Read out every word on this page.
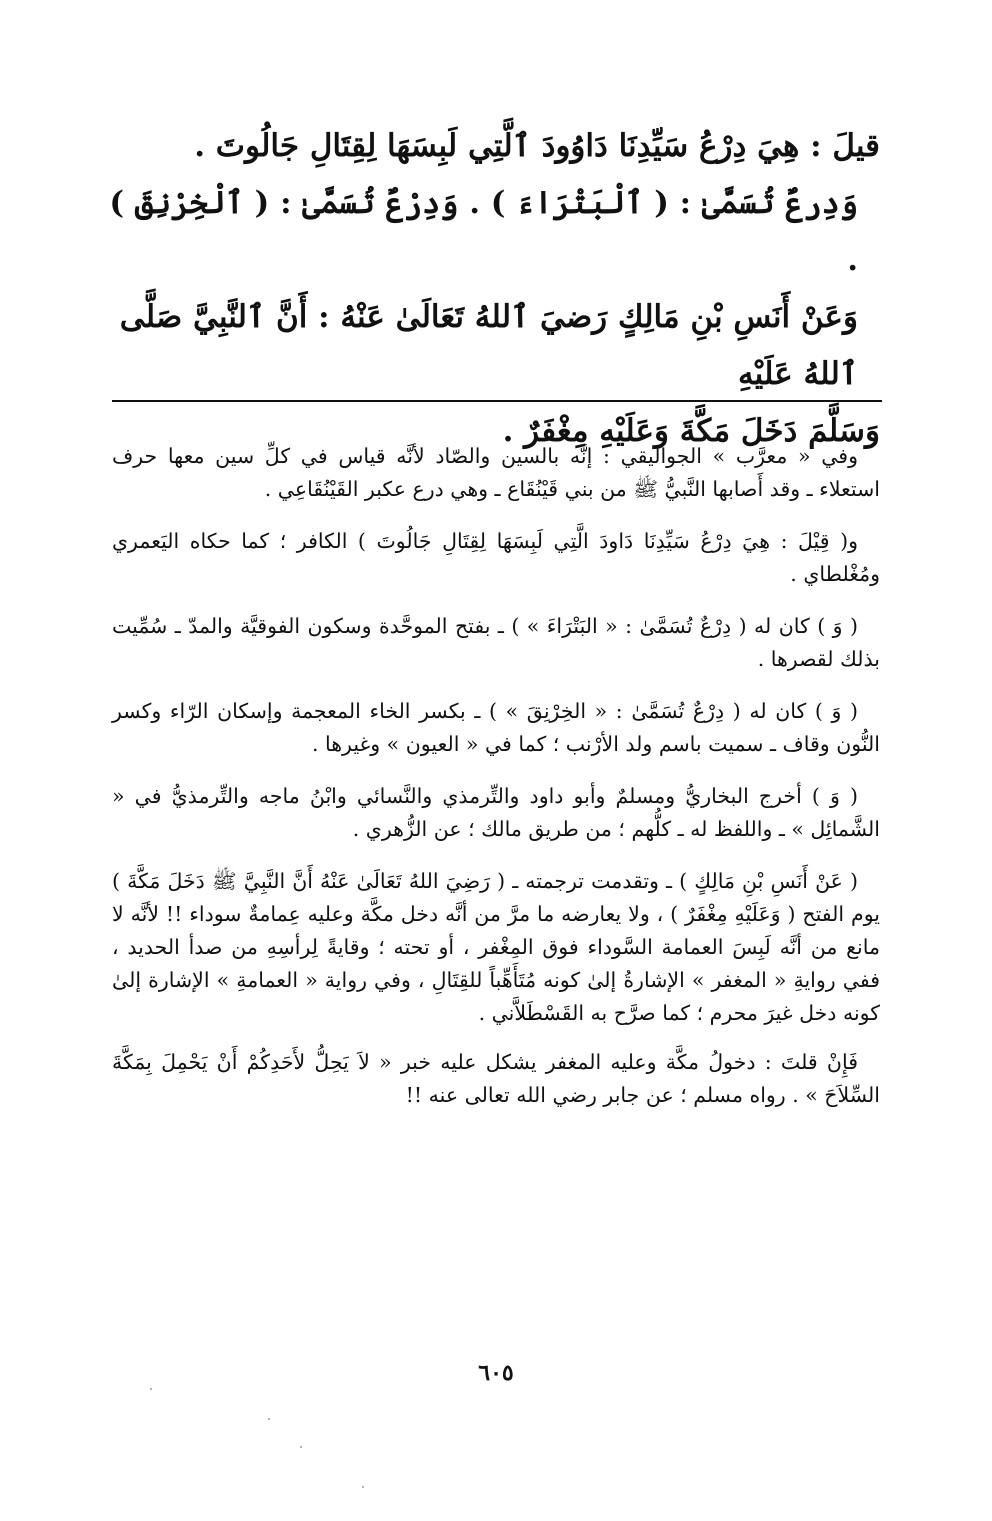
قيلَ : هِيَ دِرْعُ سَيِّدِنَا دَاوُودَ ٱلَّتِي لَبِسَهَا لِقِتَالِ جَالُوتَ .

وَدِرعٌ تُسَمَّىٰ : ( ٱلْبَتْرَاءَ ) . وَدِرْعٌ تُسَمَّىٰ : ( ٱلْخِرْنِقَ ) .

وَعَنْ أَنَسِ بْنِ مَالِكٍ رَضيَ ٱللهُ تَعَالَىٰ عَنْهُ : أَنَّ ٱلنَّبِيَّ صَلَّى ٱللهُ عَلَيْهِ

وَسَلَّمَ دَخَلَ مَكَّةَ وَعَلَيْهِ مِغْفَرٌ .

وفي « معرَّب » الجواليقي : إنَّه بالسين والصّاد لأنَّه قياس في كلِّ سين معها حرف استعلاء ـ وقد أَصابها النَّبيُّ ﷺ من بني قَيْنُقَاع ـ وهي درع عكبر القَيْنُقَاعِي .

و( قِيْلَ : هِيَ دِرْعُ سَيِّدِنَا دَاودَ الَّتِي لَبِسَهَا لِقِتَالِ جَالُوتَ ) الكافر ؛ كما حكاه اليَعمري ومُغْلطاي .

( وَ ) كان له ( دِرْعٌ تُسَمَّىٰ : « البَتْرَاءَ » ) ـ بفتح الموحَّدة وسكون الفوقيَّة والمدّ ـ سُمِّيت بذلك لقصرها .

( وَ ) كان له ( دِرْعٌ تُسَمَّىٰ : « الخِرْنِقَ » ) ـ بكسر الخاء المعجمة وإسكان الرّاء وكسر النُّون وقاف ـ سميت باسم ولد الأرْنب ؛ كما في « العيون » وغيرها .

( وَ ) أخرج البخاريُّ ومسلمٌ وأبو داود والتِّرمذي والنَّسائي وابْنُ ماجه والتِّرمذيُّ في « الشَّمائِل » ـ واللفظ له ـ كلُّهم ؛ من طريق مالك ؛ عن الزُّهري .

( عَنْ أَنَسِ بْنِ مَالِكٍ ) ـ وتقدمت ترجمته ـ ( رَضِيَ اللهُ تَعَالَىٰ عَنْهُ أَنَّ النَّبِيَّ ﷺ دَخَلَ مَكَّةَ ) يوم الفتح ( وَعَلَيْهِ مِغْفَرٌ ) ، ولا يعارضه ما مرَّ من أنَّه دخل مكَّة وعليه عِمامةٌ سوداء !! لأنَّه لا مانع من أنَّه لَبِسَ العمامة السَّوداء فوق المِغْفر ، أو تحته ؛ وقايةً لِرأسِهِ من صدأ الحديد ، ففي روايةِ « المغفر » الإشارةُ إلىٰ كونه مُتَأَهِّباً للقِتَالِ ، وفي رواية « العمامةِ » الإشارة إلىٰ كونه دخل غيرَ محرم ؛ كما صرَّح به القَسْطَلاَّني .

فَإِنْ قلتَ : دخولُ مكَّة وعليه المغفر يشكل عليه خبر « لاَ يَحِلُّ لأَحَدِكُمْ أَنْ يَحْمِلَ بِمَكَّةَ السِّلاَحَ » . رواه مسلم ؛ عن جابر رضي الله تعالى عنه !!

٦٠٥
